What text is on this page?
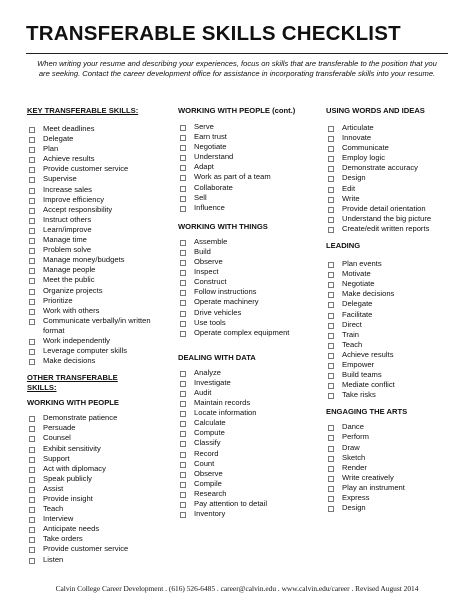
TRANSFERABLE SKILLS CHECKLIST
When writing your resume and describing your experiences, focus on skills that are transferable to the position that you are seeking. Contact the career development office for assistance in incorporating transferable skills into your resume.
KEY TRANSFERABLE SKILLS:
Meet deadlines
Delegate
Plan
Achieve results
Provide customer service
Supervise
Increase sales
Improve efficiency
Accept responsibility
Instruct others
Learn/improve
Manage time
Problem solve
Manage money/budgets
Manage people
Meet the public
Organize projects
Prioritize
Work with others
Communicate verbally/in written format
Work independently
Leverage computer skills
Make decisions
OTHER TRANSFERABLE SKILLS:
WORKING WITH PEOPLE
Demonstrate patience
Persuade
Counsel
Exhibit sensitivity
Support
Act with diplomacy
Speak publicly
Assist
Provide insight
Teach
Interview
Anticipate needs
Take orders
Provide customer service
Listen
WORKING WITH PEOPLE (cont.)
Serve
Earn trust
Negotiate
Understand
Adapt
Work as part of a team
Collaborate
Sell
Influence
WORKING WITH THINGS
Assemble
Build
Observe
Inspect
Construct
Follow instructions
Operate machinery
Drive vehicles
Use tools
Operate complex equipment
DEALING WITH DATA
Analyze
Investigate
Audit
Maintain records
Locate information
Calculate
Compute
Classify
Record
Count
Observe
Compile
Research
Pay attention to detail
Inventory
USING WORDS AND IDEAS
Articulate
Innovate
Communicate
Employ logic
Demonstrate accuracy
Design
Edit
Write
Provide detail orientation
Understand the big picture
Create/edit written reports
LEADING
Plan events
Motivate
Negotiate
Make decisions
Delegate
Facilitate
Direct
Train
Teach
Achieve results
Empower
Build teams
Mediate conflict
Take risks
ENGAGING THE ARTS
Dance
Perform
Draw
Sketch
Render
Write creatively
Play an instrument
Express
Design
Calvin College Career Development . (616) 526-6485 . career@calvin.edu . www.calvin.edu/career . Revised August 2014
